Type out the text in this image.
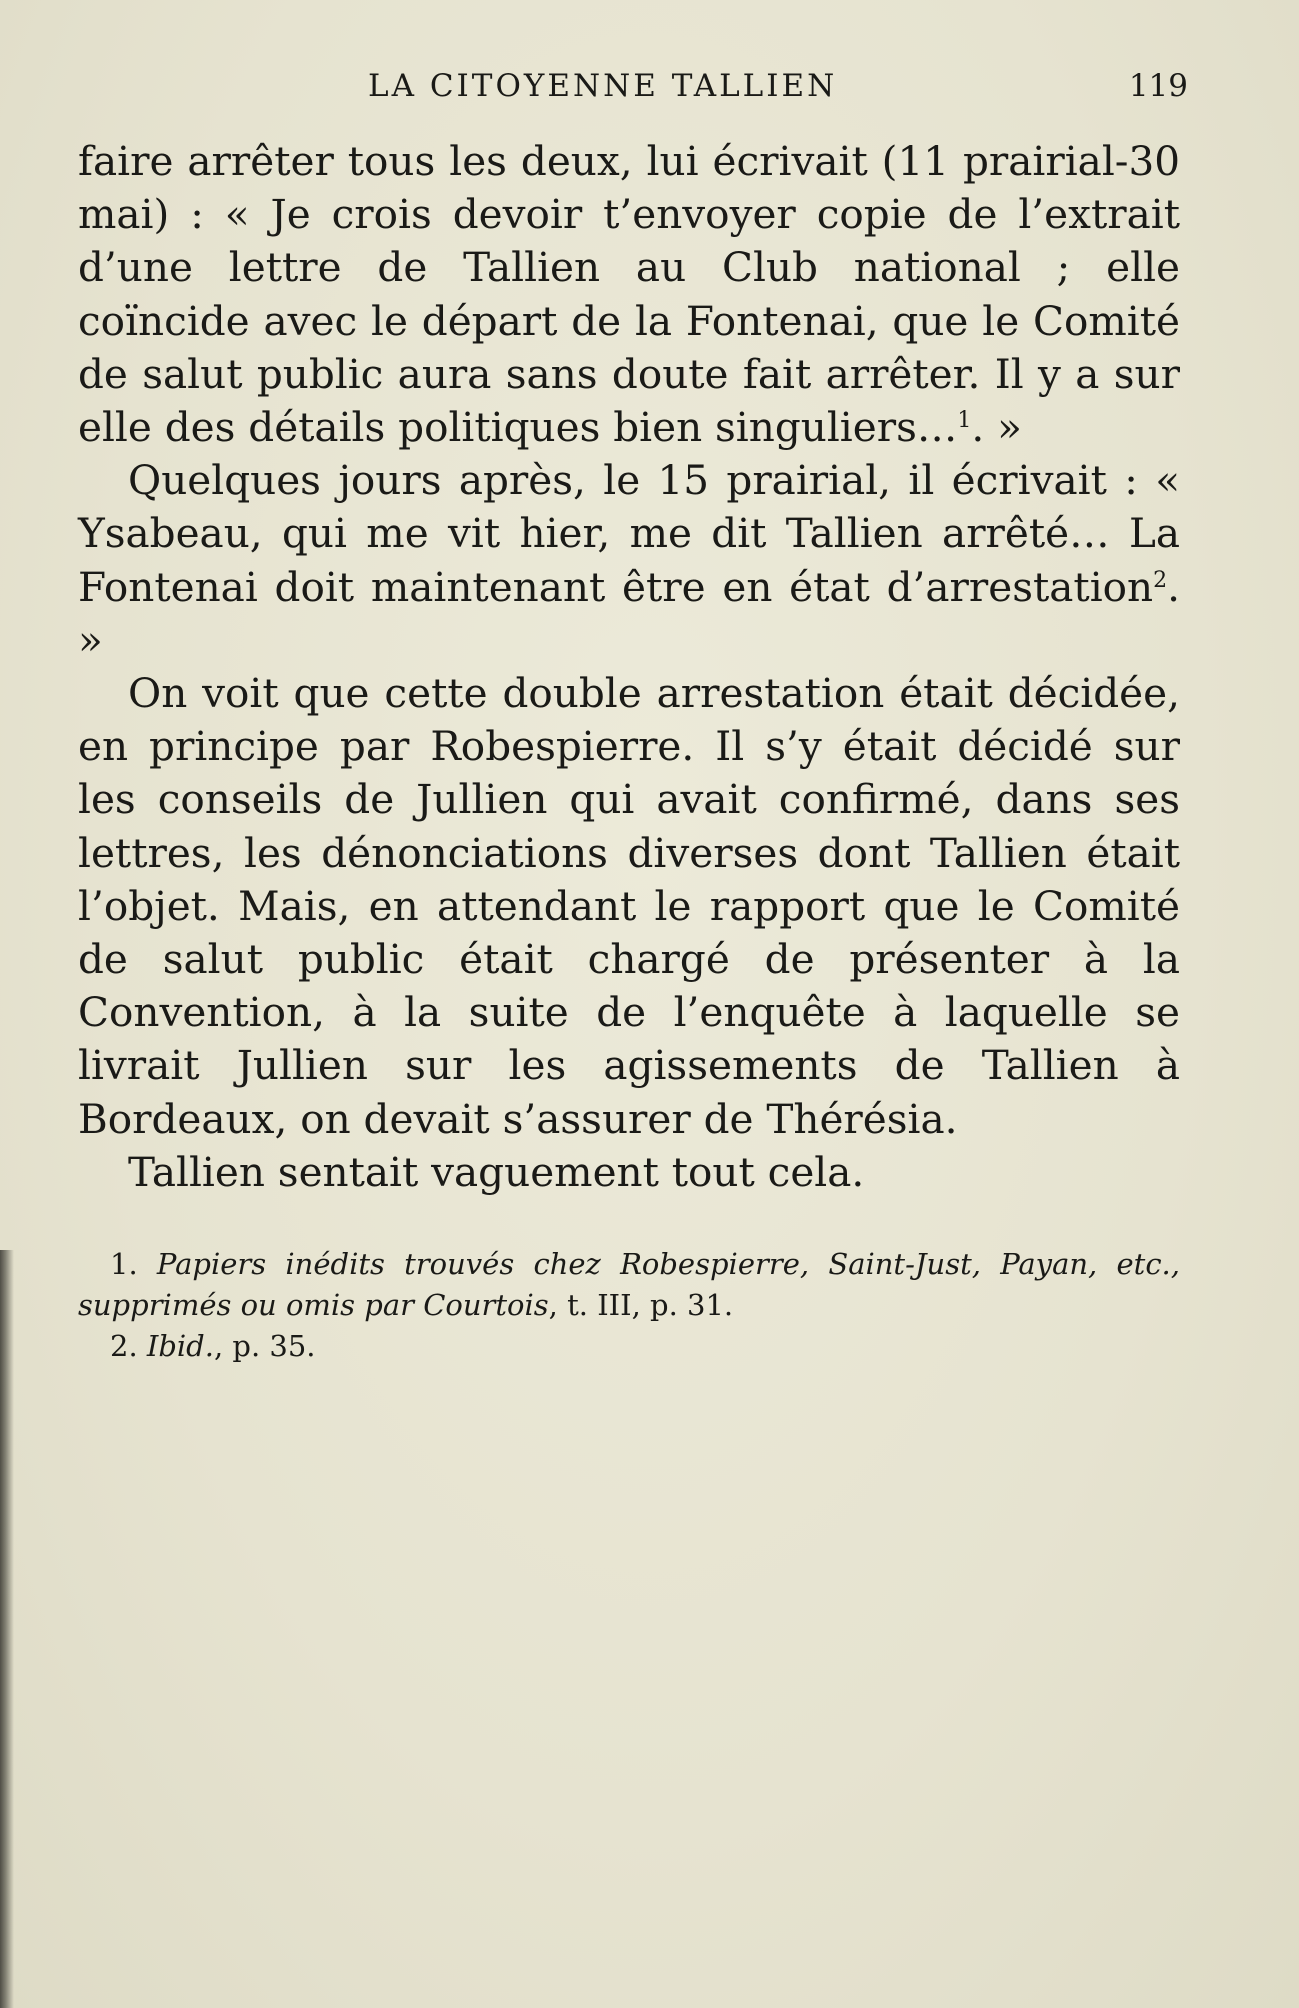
LA CITOYENNE TALLIEN	119

faire arrêter tous les deux, lui écrivait (11 prairial-30 mai) : « Je crois devoir t’envoyer copie de l’extrait d’une lettre de Tallien au Club national ; elle coïncide avec le départ de la Fontenai, que le Comité de salut public aura sans doute fait arrêter. Il y a sur elle des détails politiques bien singuliers…$^1$. »

Quelques jours après, le 15 prairial, il écrivait : « Ysabeau, qui me vit hier, me dit Tallien arrêté… La Fontenai doit maintenant être en état d’arrestation$^2$. »

On voit que cette double arrestation était décidée, en principe par Robespierre. Il s’y était décidé sur les conseils de Jullien qui avait confirmé, dans ses lettres, les dénonciations diverses dont Tallien était l’objet. Mais, en attendant le rapport que le Comité de salut public était chargé de présenter à la Convention, à la suite de l’enquête à laquelle se livrait Jullien sur les agissements de Tallien à Bordeaux, on devait s’assurer de Thérésia.

Tallien sentait vaguement tout cela.

1. Papiers inédits trouvés chez Robespierre, Saint-Just, Payan, etc., supprimés ou omis par Courtois, t. III, p. 31.

2. Ibid., p. 35.
